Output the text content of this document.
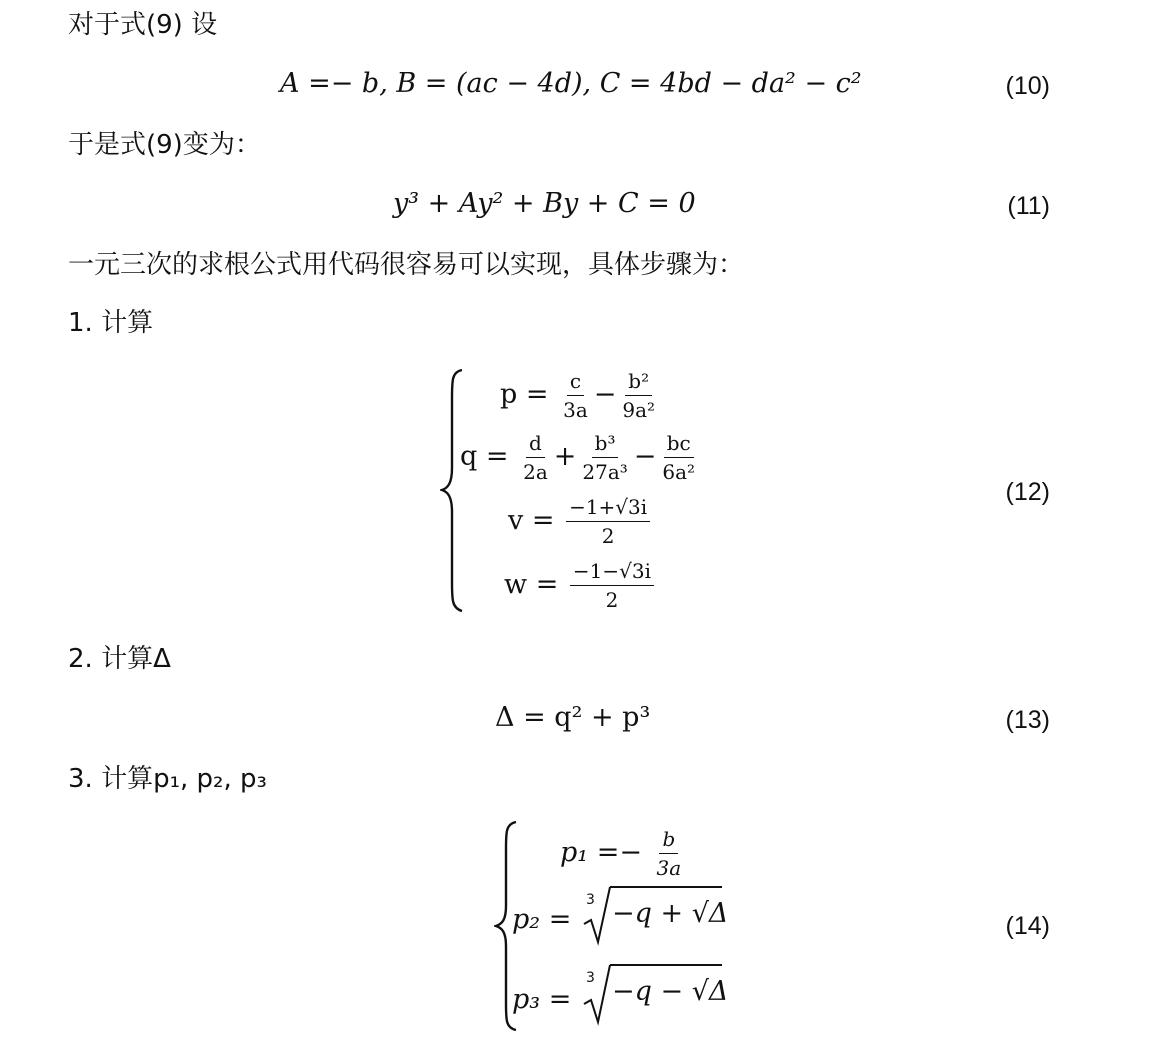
对于式(9) 设
A =− b, B = (ac − 4d), C = 4bd − da² − c²	(10)
于是式(9)变为：
y³ + Ay² + By + C = 0	(11)
一元三次的求根公式用代码很容易可以实现，具体步骤为：
1. 计算
$p = \frac{c}{3a} - \frac{\text{b²}}{\text{9a²}}$
$q = \frac{d}{2a} + \frac{\text{b³}}{\text{27a³}} - \frac{bc}{\text{6a²}}$
$v = \frac{-1+√3i}{2}$
$w = \frac{-1-√3i}{2}$
(12)
2. 计算Δ
Δ = q² + p³	(13)
3. 计算p₁, p₂, p₃
$p_1 =- \frac{b}{3a}$
p₂ =
3 −q + √Δ
p₃ =
3 −q − √Δ
(14)
